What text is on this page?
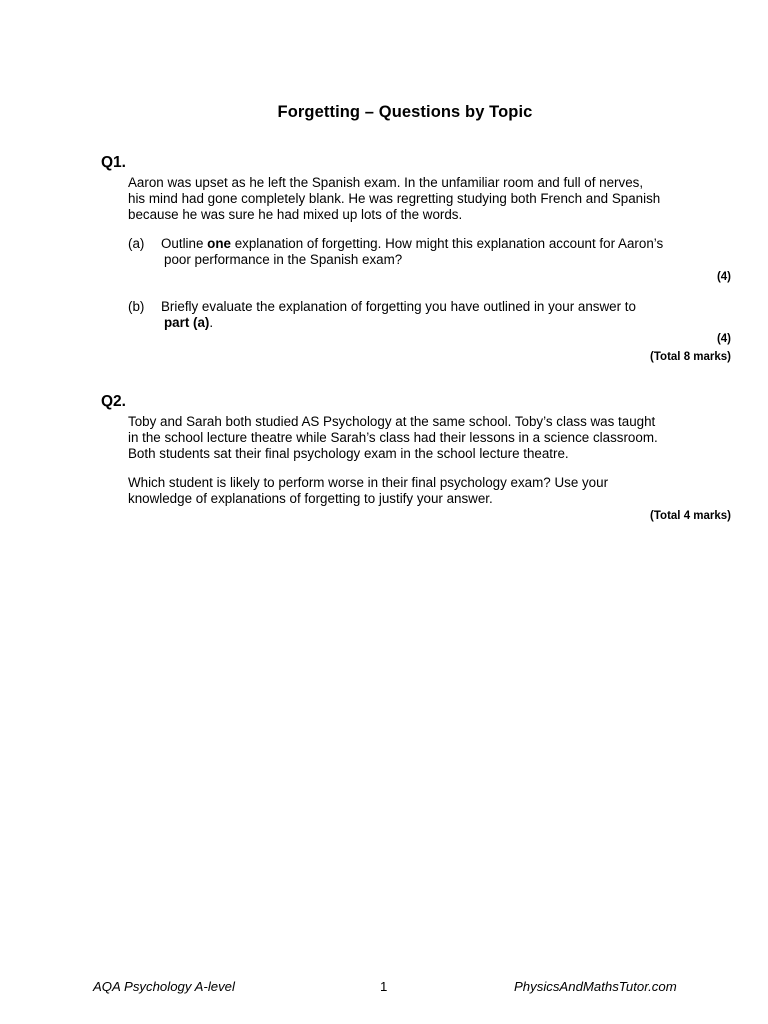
Forgetting – Questions by Topic
Q1.
Aaron was upset as he left the Spanish exam. In the unfamiliar room and full of nerves,
his mind had gone completely blank. He was regretting studying both French and Spanish
because he was sure he had mixed up lots of the words.
(a) Outline one explanation of forgetting. How might this explanation account for Aaron’s
poor performance in the Spanish exam?
(4)
(b) Briefly evaluate the explanation of forgetting you have outlined in your answer to
part (a).
(4)
(Total 8 marks)
Q2.
Toby and Sarah both studied AS Psychology at the same school. Toby’s class was taught
in the school lecture theatre while Sarah’s class had their lessons in a science classroom.
Both students sat their final psychology exam in the school lecture theatre.
Which student is likely to perform worse in their final psychology exam? Use your
knowledge of explanations of forgetting to justify your answer.
(Total 4 marks)
AQA Psychology A-level	1	PhysicsAndMathsTutor.com
